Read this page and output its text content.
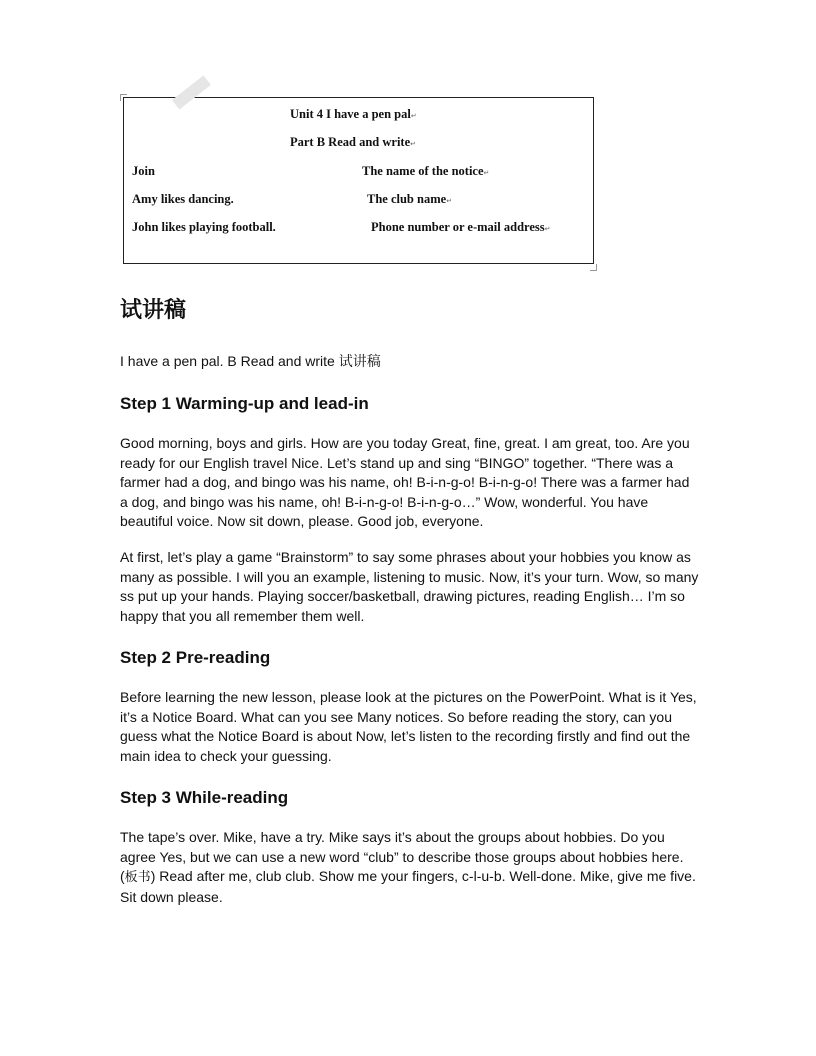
Unit 4 I have a pen pal↵
Part B Read and write↵
Join
Amy likes dancing.
John likes playing football.
The name of the notice↵
The club name↵
Phone number or e-mail address↵
试讲稿

I have a pen pal. B Read and write 试讲稿

Step 1 Warming-up and lead-in

Good morning, boys and girls. How are you today Great, fine, great. I am great, too. Are you ready for our English travel Nice. Let’s stand up and sing “BINGO” together. “There was a farmer had a dog, and bingo was his name, oh! B-i-n-g-o! B-i-n-g-o! There was a farmer had a dog, and bingo was his name, oh! B-i-n-g-o! B-i-n-g-o…” Wow, wonderful. You have beautiful voice. Now sit down, please. Good job, everyone.

At first, let’s play a game “Brainstorm” to say some phrases about your hobbies you know as many as possible. I will you an example, listening to music. Now, it’s your turn. Wow, so many ss put up your hands. Playing soccer/basketball, drawing pictures, reading English… I’m so happy that you all remember them well.

Step 2 Pre-reading

Before learning the new lesson, please look at the pictures on the PowerPoint. What is it Yes, it’s a Notice Board. What can you see Many notices. So before reading the story, can you guess what the Notice Board is about Now, let’s listen to the recording firstly and find out the main idea to check your guessing.

Step 3 While-reading

The tape’s over. Mike, have a try. Mike says it’s about the groups about hobbies. Do you agree Yes, but we can use a new word “club” to describe those groups about hobbies here.(板书) Read after me, club club. Show me your fingers, c-l-u-b. Well-done. Mike, give me five. Sit down please.
